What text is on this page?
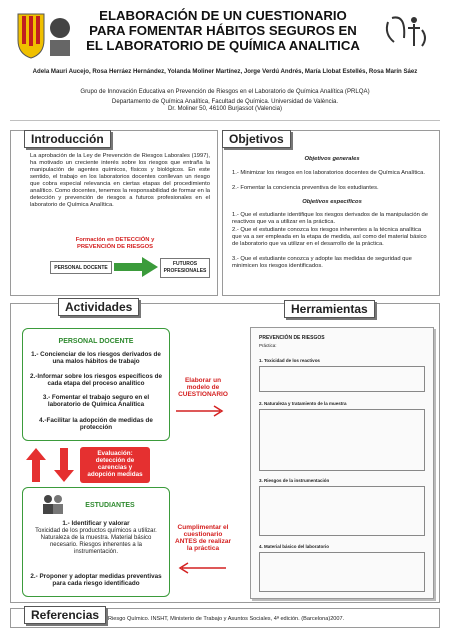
ELABORACIÓN DE UN CUESTIONARIO PARA FOMENTAR HÁBITOS SEGUROS EN EL LABORATORIO DE QUÍMICA ANALITICA
Adela Mauri Aucejo, Rosa Herráez Hernández, Yolanda Moliner Martínez, Jorge Verdú Andrés, María Llobat Estellés, Rosa Marín Sáez
Grupo de Innovación Educativa en Prevención de Riesgos en el Laboratorio de Química Analítica (PRLQA)
Departamento de Química Analítica, Facultad de Química. Universidad de València.
Dr. Moliner 50, 46100 Burjassot (Valencia)
Introducción
La aprobación de la Ley de Prevención de Riesgos Laborales (1997), ha motivado un creciente interés sobre los riesgos que entraña la manipulación de agentes químicos, físicos y biológicos. En este sentido, el trabajo en los laboratorios docentes conllevan un riesgo que cobra especial relevancia en ciertas etapas del procedimiento analítico. Como docentes, tenemos la responsabilidad de formar en la detección y prevención de riesgos a futuros profesionales en el laboratorio de Química Analítica.
Formación en DETECCIÓN y PREVENCIÓN DE RIESGOS
PERSONAL DOCENTE
FUTUROS PROFESIONALES
Objetivos
Objetivos generales
1.- Minimizar los riesgos en los laboratorios docentes de Química Analítica.
2.- Fomentar la conciencia preventiva de los estudiantes.
Objetivos específicos
1.- Que el estudiante identifique los riesgos derivados de la manipulación de reactivos que va a utilizar en la práctica.
2.- Que el estudiante conozca los riesgos inherentes a la técnica analítica que va a ser empleada en la etapa de medida, así como del material básico de laboratorio que va utilizar en el desarrollo de la práctica.
3.- Que el estudiante conozca y adopte las medidas de seguridad que minimicen los riesgos identificados.
Actividades	Herramientas
PERSONAL DOCENTE
1.- Concienciar de los riesgos derivados de una malos hábitos de trabajo
2.-Informar sobre los riesgos específicos de cada etapa del proceso analítico
3.- Fomentar el trabajo seguro en el laboratorio de Química Analítica
4.-Facilitar la adopción de medidas de protección
Elaborar un modelo de CUESTIONARIO
Evaluación: detección de carencias y adopción medidas
ESTUDIANTES
1.- Identificar y valorar
Toxicidad de los productos químicos a utilizar. Naturaleza de la muestra. Material básico necesario. Riesgos inherentes a la instrumentación.
2.- Proponer y adoptar medidas preventivas para cada riesgo identificado
Cumplimentar el cuestionario ANTES de realizar la práctica
PREVENCIÓN DE RIESGOS
Práctica:
1. Toxicidad de los reactivos
2. Naturaleza y tratamiento de la muestra
3. Riesgos de la instrumentación
4. Material básico del laboratorio
Referencias	Riesgo Químico. INSHT, Ministerio de Trabajo y Asuntos Sociales, 4ª edición. (Barcelona)2007.
